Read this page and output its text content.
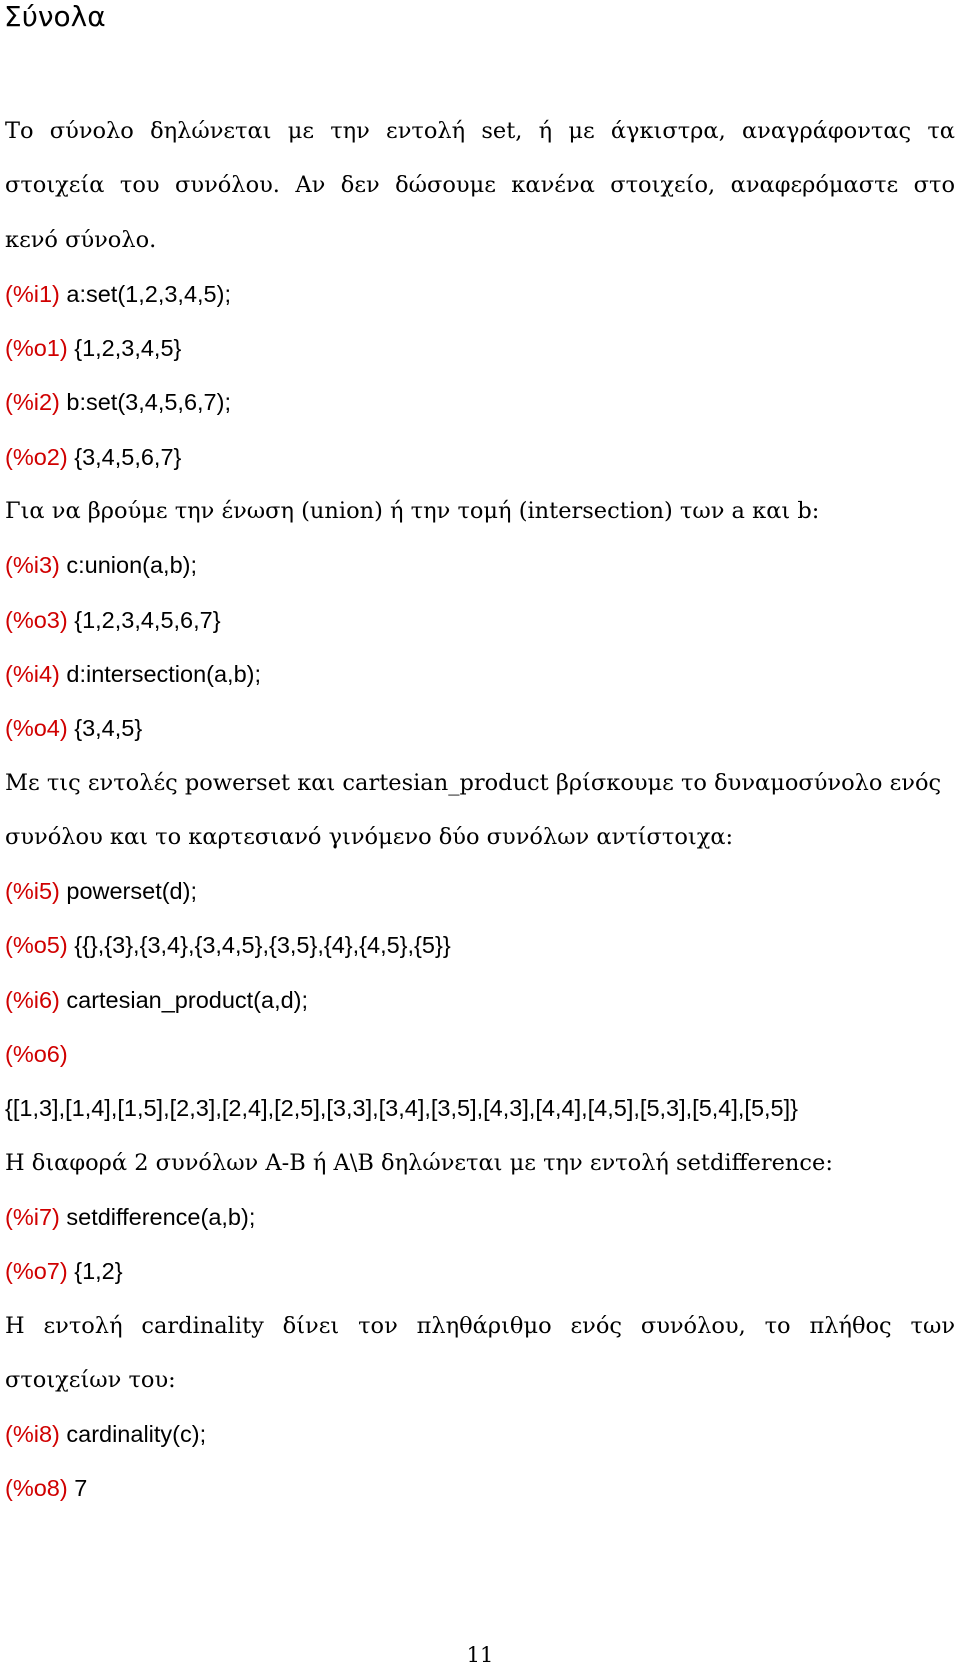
Σύνολα
Το σύνολο δηλώνεται με την εντολή set, ή με άγκιστρα, αναγράφοντας τα
στοιχεία του συνόλου. Αν δεν δώσουμε κανένα στοιχείο, αναφερόμαστε στο
κενό σύνολο.
(%i1) a:set(1,2,3,4,5);
(%o1) {1,2,3,4,5}
(%i2) b:set(3,4,5,6,7);
(%o2) {3,4,5,6,7}
Για να βρούμε την ένωση (union) ή την τομή (intersection) των a και b:
(%i3) c:union(a,b);
(%o3) {1,2,3,4,5,6,7}
(%i4) d:intersection(a,b);
(%o4) {3,4,5}
Με τις εντολές powerset και cartesian_product βρίσκουμε το δυναμοσύνολο ενός
συνόλου και το καρτεσιανό γινόμενο δύο συνόλων αντίστοιχα:
(%i5) powerset(d);
(%o5) {{},{3},{3,4},{3,4,5},{3,5},{4},{4,5},{5}}
(%i6) cartesian_product(a,d);
(%o6)
{[1,3],[1,4],[1,5],[2,3],[2,4],[2,5],[3,3],[3,4],[3,5],[4,3],[4,4],[4,5],[5,3],[5,4],[5,5]}
Η διαφορά 2 συνόλων A-B ή A\B δηλώνεται με την εντολή setdifference:
(%i7) setdifference(a,b);
(%o7) {1,2}
Η εντολή cardinality δίνει τον πληθάριθμο ενός συνόλου, το πλήθος των
στοιχείων του:
(%i8) cardinality(c);
(%o8) 7
11
